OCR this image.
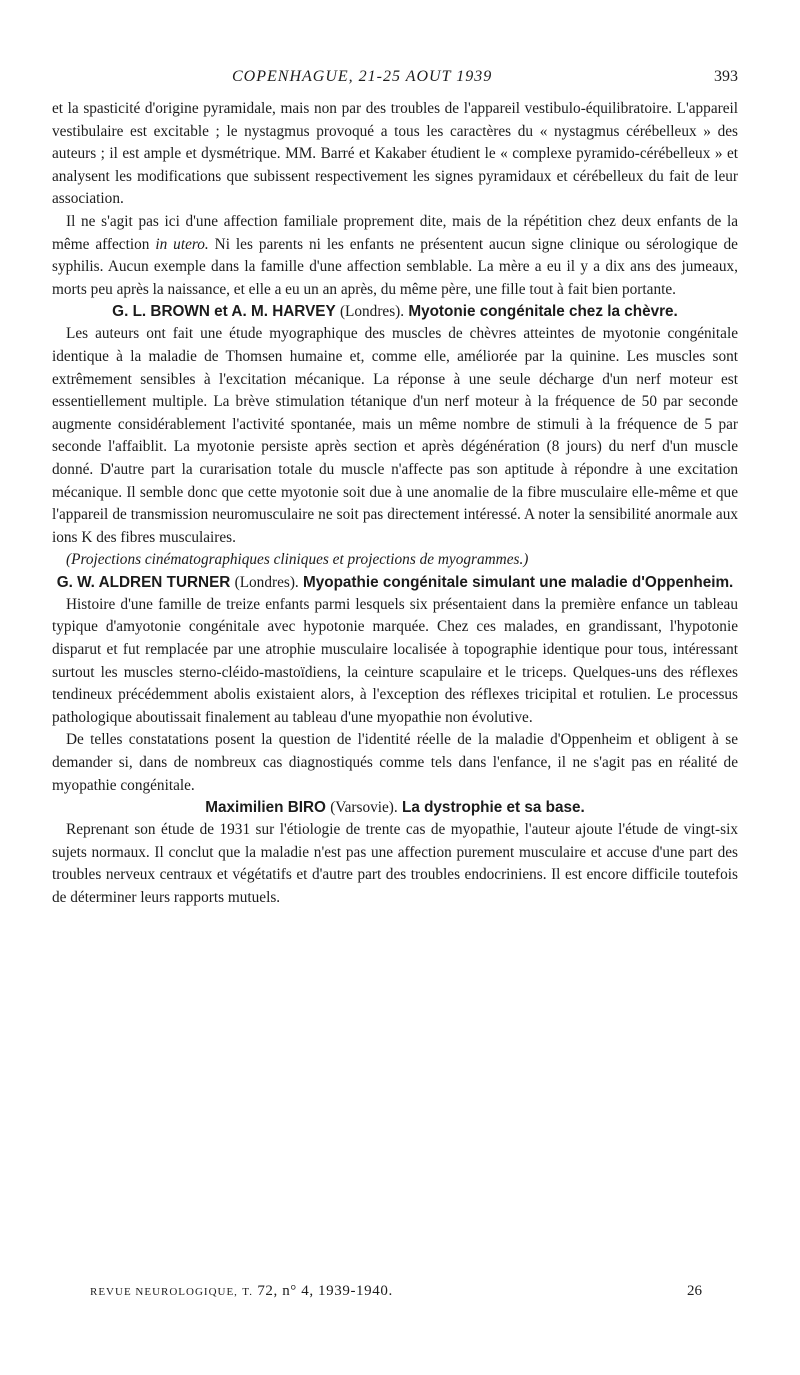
COPENHAGUE, 21-25 AOUT 1939	393

et la spasticité d'origine pyramidale, mais non par des troubles de l'appareil vestibulo-équilibratoire. L'appareil vestibulaire est excitable ; le nystagmus provoqué a tous les caractères du « nystagmus cérébelleux » des auteurs ; il est ample et dysmétrique. MM. Barré et Kakaber étudient le « complexe pyramido-cérébelleux » et analysent les modifications que subissent respectivement les signes pyramidaux et cérébelleux du fait de leur association.

Il ne s'agit pas ici d'une affection familiale proprement dite, mais de la répétition chez deux enfants de la même affection in utero. Ni les parents ni les enfants ne présentent aucun signe clinique ou sérologique de syphilis. Aucun exemple dans la famille d'une affection semblable. La mère a eu il y a dix ans des jumeaux, morts peu après la naissance, et elle a eu un an après, du même père, une fille tout à fait bien portante.

G. L. BROWN et A. M. HARVEY (Londres). Myotonie congénitale chez la chèvre.

Les auteurs ont fait une étude myographique des muscles de chèvres atteintes de myotonie congénitale identique à la maladie de Thomsen humaine et, comme elle, améliorée par la quinine. Les muscles sont extrêmement sensibles à l'excitation mécanique. La réponse à une seule décharge d'un nerf moteur est essentiellement multiple. La brève stimulation tétanique d'un nerf moteur à la fréquence de 50 par seconde augmente considérablement l'activité spontanée, mais un même nombre de stimuli à la fréquence de 5 par seconde l'affaiblit. La myotonie persiste après section et après dégénération (8 jours) du nerf d'un muscle donné. D'autre part la curarisation totale du muscle n'affecte pas son aptitude à répondre à une excitation mécanique. Il semble donc que cette myotonie soit due à une anomalie de la fibre musculaire elle-même et que l'appareil de transmission neuromusculaire ne soit pas directement intéressé. A noter la sensibilité anormale aux ions K des fibres musculaires.

(Projections cinématographiques cliniques et projections de myogrammes.)

G. W. ALDREN TURNER (Londres). Myopathie congénitale simulant une maladie d'Oppenheim.

Histoire d'une famille de treize enfants parmi lesquels six présentaient dans la première enfance un tableau typique d'amyotonie congénitale avec hypotonie marquée. Chez ces malades, en grandissant, l'hypotonie disparut et fut remplacée par une atrophie musculaire localisée à topographie identique pour tous, intéressant surtout les muscles sterno-cléido-mastoïdiens, la ceinture scapulaire et le triceps. Quelques-uns des réflexes tendineux précédemment abolis existaient alors, à l'exception des réflexes tricipital et rotulien. Le processus pathologique aboutissait finalement au tableau d'une myopathie non évolutive.

De telles constatations posent la question de l'identité réelle de la maladie d'Oppenheim et obligent à se demander si, dans de nombreux cas diagnostiqués comme tels dans l'enfance, il ne s'agit pas en réalité de myopathie congénitale.

Maximilien BIRO (Varsovie). La dystrophie et sa base.

Reprenant son étude de 1931 sur l'étiologie de trente cas de myopathie, l'auteur ajoute l'étude de vingt-six sujets normaux. Il conclut que la maladie n'est pas une affection purement musculaire et accuse d'une part des troubles nerveux centraux et végétatifs et d'autre part des troubles endocriniens. Il est encore difficile toutefois de déterminer leurs rapports mutuels.

REVUE NEUROLOGIQUE, T. 72, n° 4, 1939-1940.	26
